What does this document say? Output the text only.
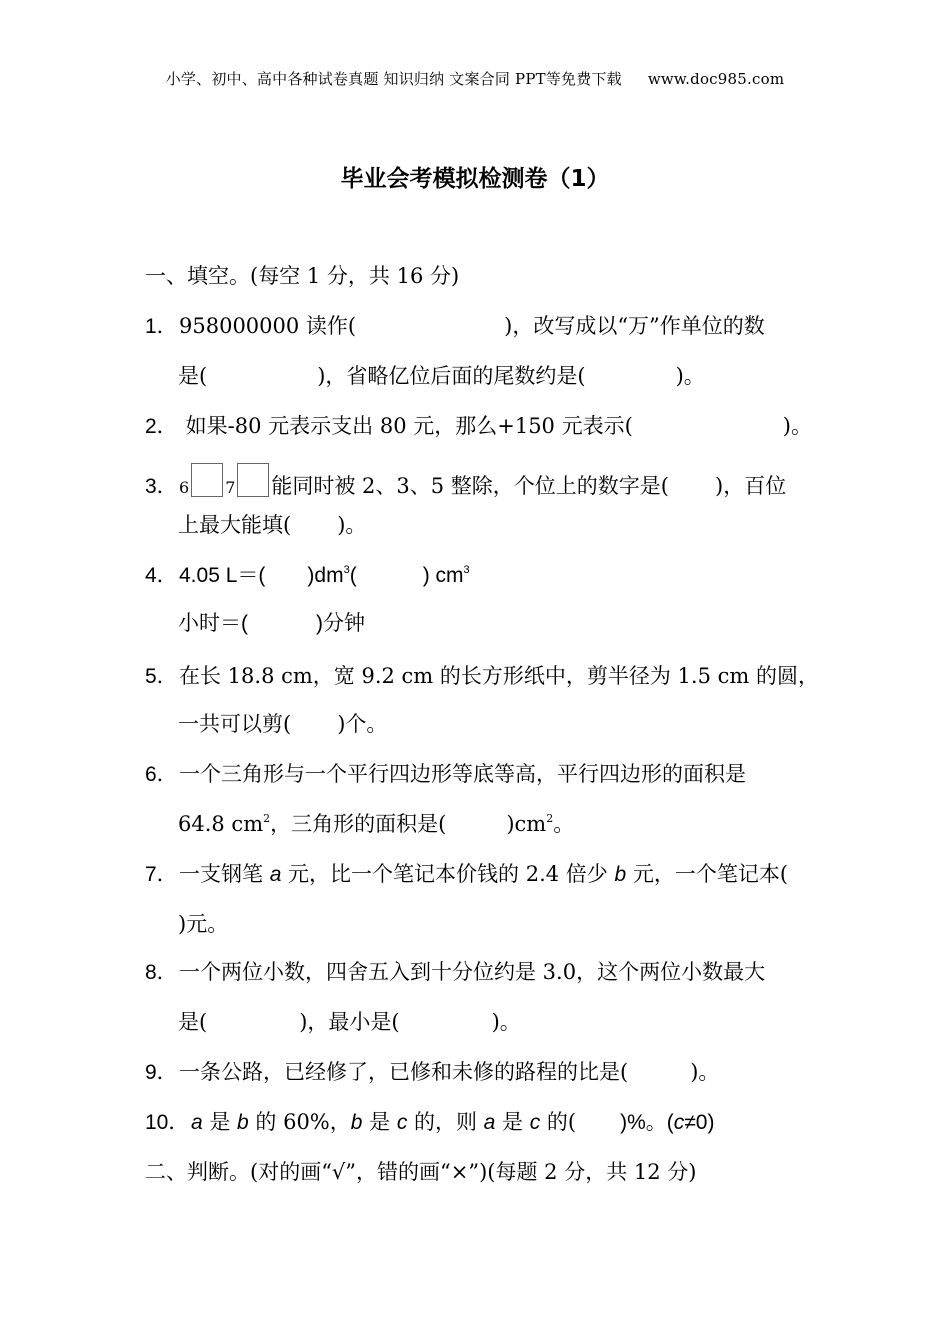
小学、初中、高中各种试卷真题 知识归纳 文案合同 PPT等免费下载 www.doc985.com
毕业会考模拟检测卷（1）
一、填空。(每空 1 分，共 16 分)
1．958000000 读作(	)，改写成以“万”作单位的数
是(	)，省略亿位后面的尾数约是(	)。
2． 如果-80 元表示支出 80 元，那么+150 元表示(	)。
3．6 7 能同时被 2、3、5 整除，个位上的数字是( )，百位
上最大能填( )。
4．4.05 L＝( )$dm^3$(	) $cm^3$
小时＝(	)分钟
5．在长 18.8 cm，宽 9.2 cm 的长方形纸中，剪半径为 1.5 cm 的圆，
一共可以剪( )个。
6．一个三角形与一个平行四边形等底等高，平行四边形的面积是
64.8 $cm^2$，三角形的面积是(	)$cm^2$。
7．一支钢笔 a 元，比一个笔记本价钱的 2.4 倍少 b 元，一个笔记本(
)元。
8．一个两位小数，四舍五入到十分位约是 3.0，这个两位小数最大
是(	)，最小是(	)。
9．一条公路，已经修了，已修和未修的路程的比是(	)。
10．a 是 b 的 60%，b 是 c 的，则 a 是 c 的( )%。(c≠0)
二、判断。(对的画“√”，错的画“×”)(每题 2 分，共 12 分)
